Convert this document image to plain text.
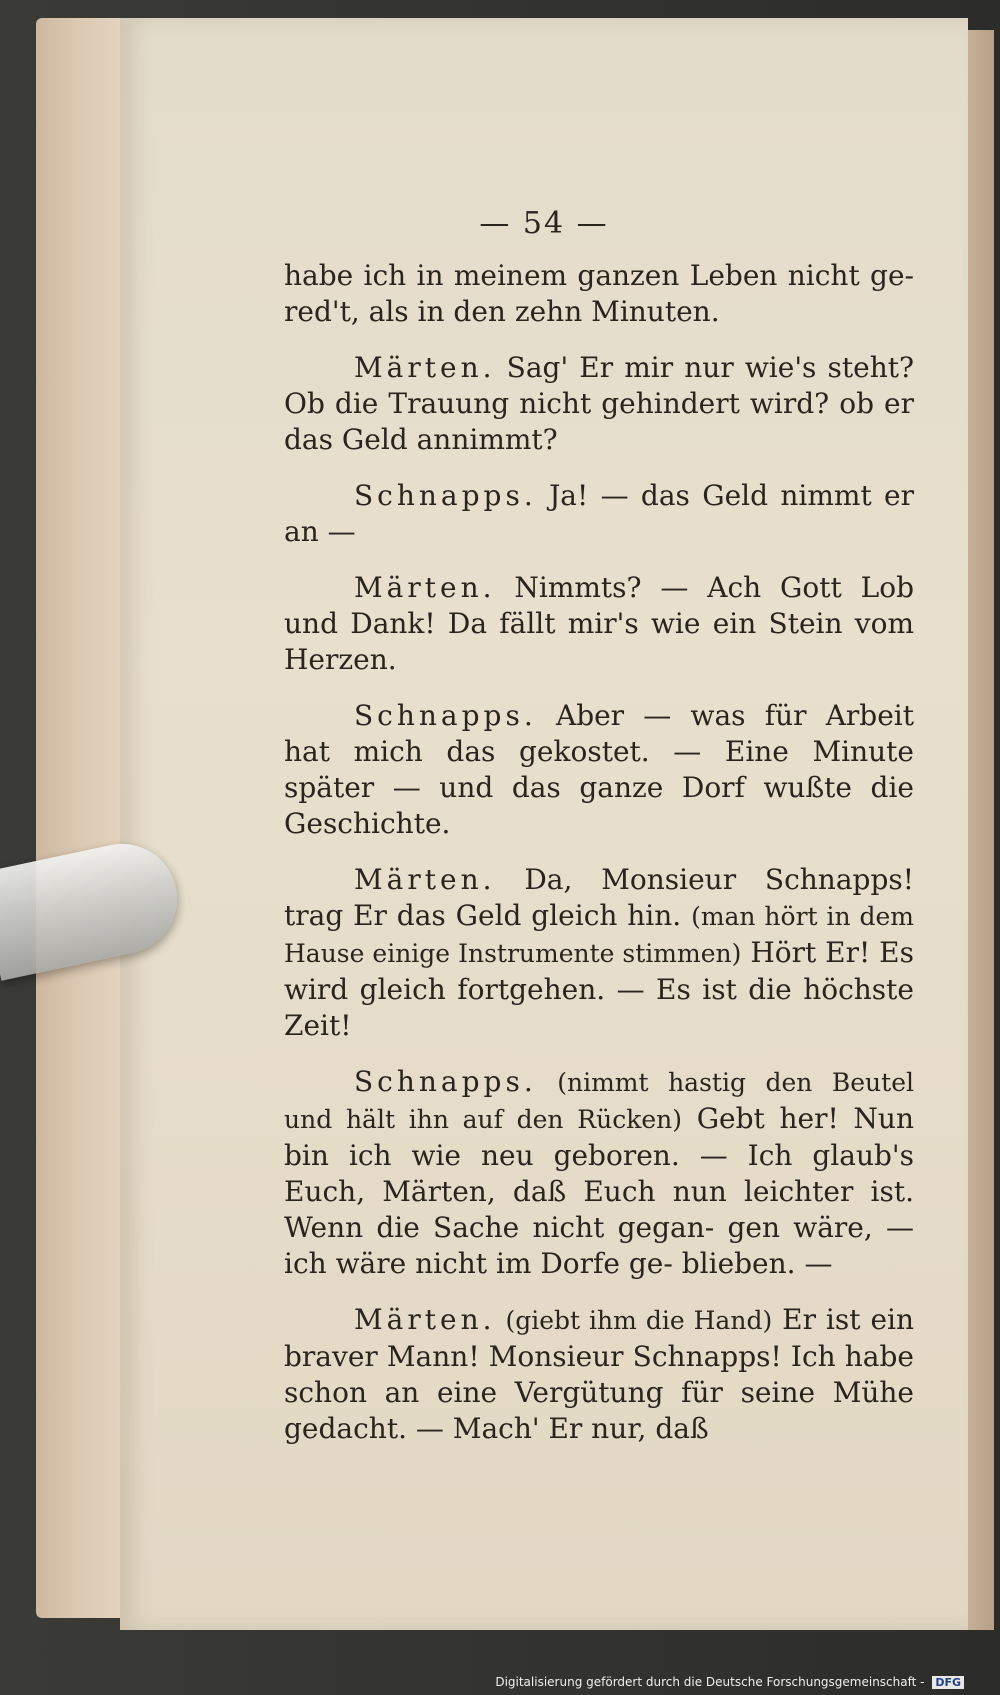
— 54 —

habe ich in meinem ganzen Leben nicht ge- red't, als in den zehn Minuten.

Märten. Sag' Er mir nur wie's steht? Ob die Trauung nicht gehindert wird? ob er das Geld annimmt?

Schnapps. Ja! — das Geld nimmt er an —

Märten. Nimmts? — Ach Gott Lob und Dank! Da fällt mir's wie ein Stein vom Herzen.

Schnapps. Aber — was für Arbeit hat mich das gekostet. — Eine Minute später — und das ganze Dorf wußte die Geschichte.

Märten. Da, Monsieur Schnapps! trag Er das Geld gleich hin. (man hört in dem Hause einige Instrumente stimmen) Hört Er! Es wird gleich fortgehen. — Es ist die höchste Zeit!

Schnapps. (nimmt hastig den Beutel und hält ihn auf den Rücken) Gebt her! Nun bin ich wie neu geboren. — Ich glaub's Euch, Märten, daß Euch nun leichter ist. Wenn die Sache nicht gegan- gen wäre, — ich wäre nicht im Dorfe ge- blieben. —

Märten. (giebt ihm die Hand) Er ist ein braver Mann! Monsieur Schnapps! Ich habe schon an eine Vergütung für seine Mühe gedacht. — Mach' Er nur, daß

Digitalisierung gefördert durch die Deutsche Forschungsgemeinschaft - DFG
